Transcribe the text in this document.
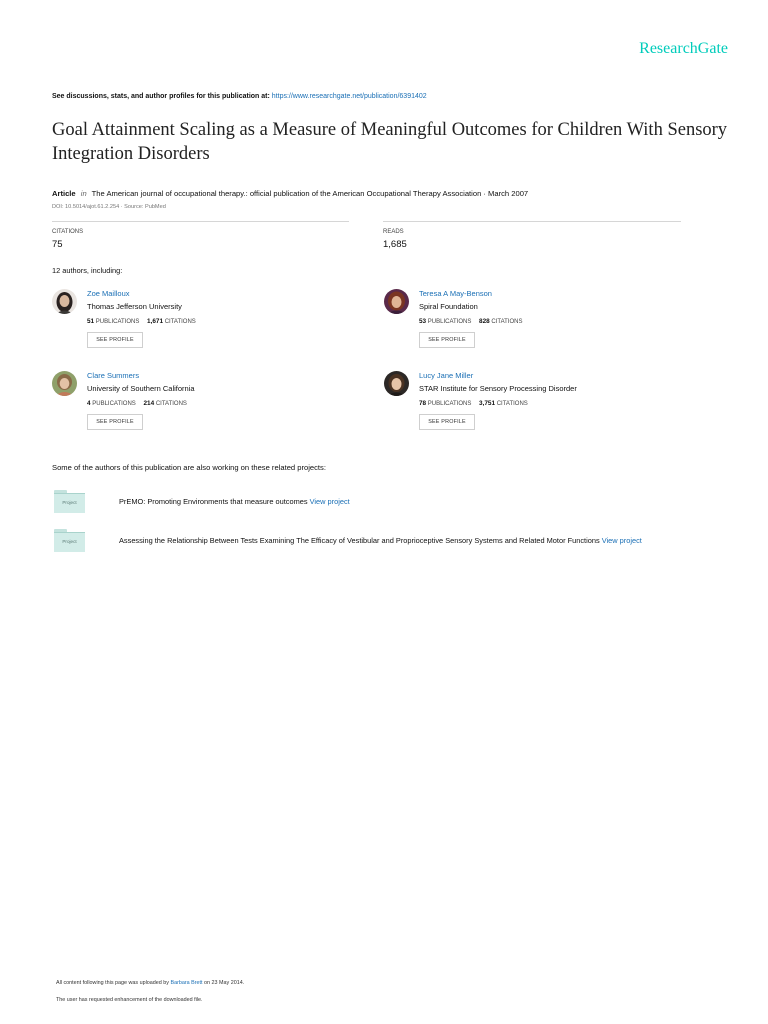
ResearchGate
See discussions, stats, and author profiles for this publication at: https://www.researchgate.net/publication/6391402
Goal Attainment Scaling as a Measure of Meaningful Outcomes for Children With Sensory Integration Disorders
Article in The American journal of occupational therapy.: official publication of the American Occupational Therapy Association · March 2007
DOI: 10.5014/ajot.61.2.254 · Source: PubMed
CITATIONS
75
READS
1,685
12 authors, including:
Zoe Mailloux
Thomas Jefferson University
51 PUBLICATIONS 1,671 CITATIONS
SEE PROFILE
Teresa A May-Benson
Spiral Foundation
53 PUBLICATIONS 828 CITATIONS
SEE PROFILE
Clare Summers
University of Southern California
4 PUBLICATIONS 214 CITATIONS
SEE PROFILE
Lucy Jane Miller
STAR Institute for Sensory Processing Disorder
78 PUBLICATIONS 3,751 CITATIONS
SEE PROFILE
Some of the authors of this publication are also working on these related projects:
Project	PrEMO: Promoting Environments that measure outcomes View project
Project	Assessing the Relationship Between Tests Examining The Efficacy of Vestibular and Proprioceptive Sensory Systems and Related Motor Functions View project
All content following this page was uploaded by Barbara Brett on 23 May 2014.
The user has requested enhancement of the downloaded file.
